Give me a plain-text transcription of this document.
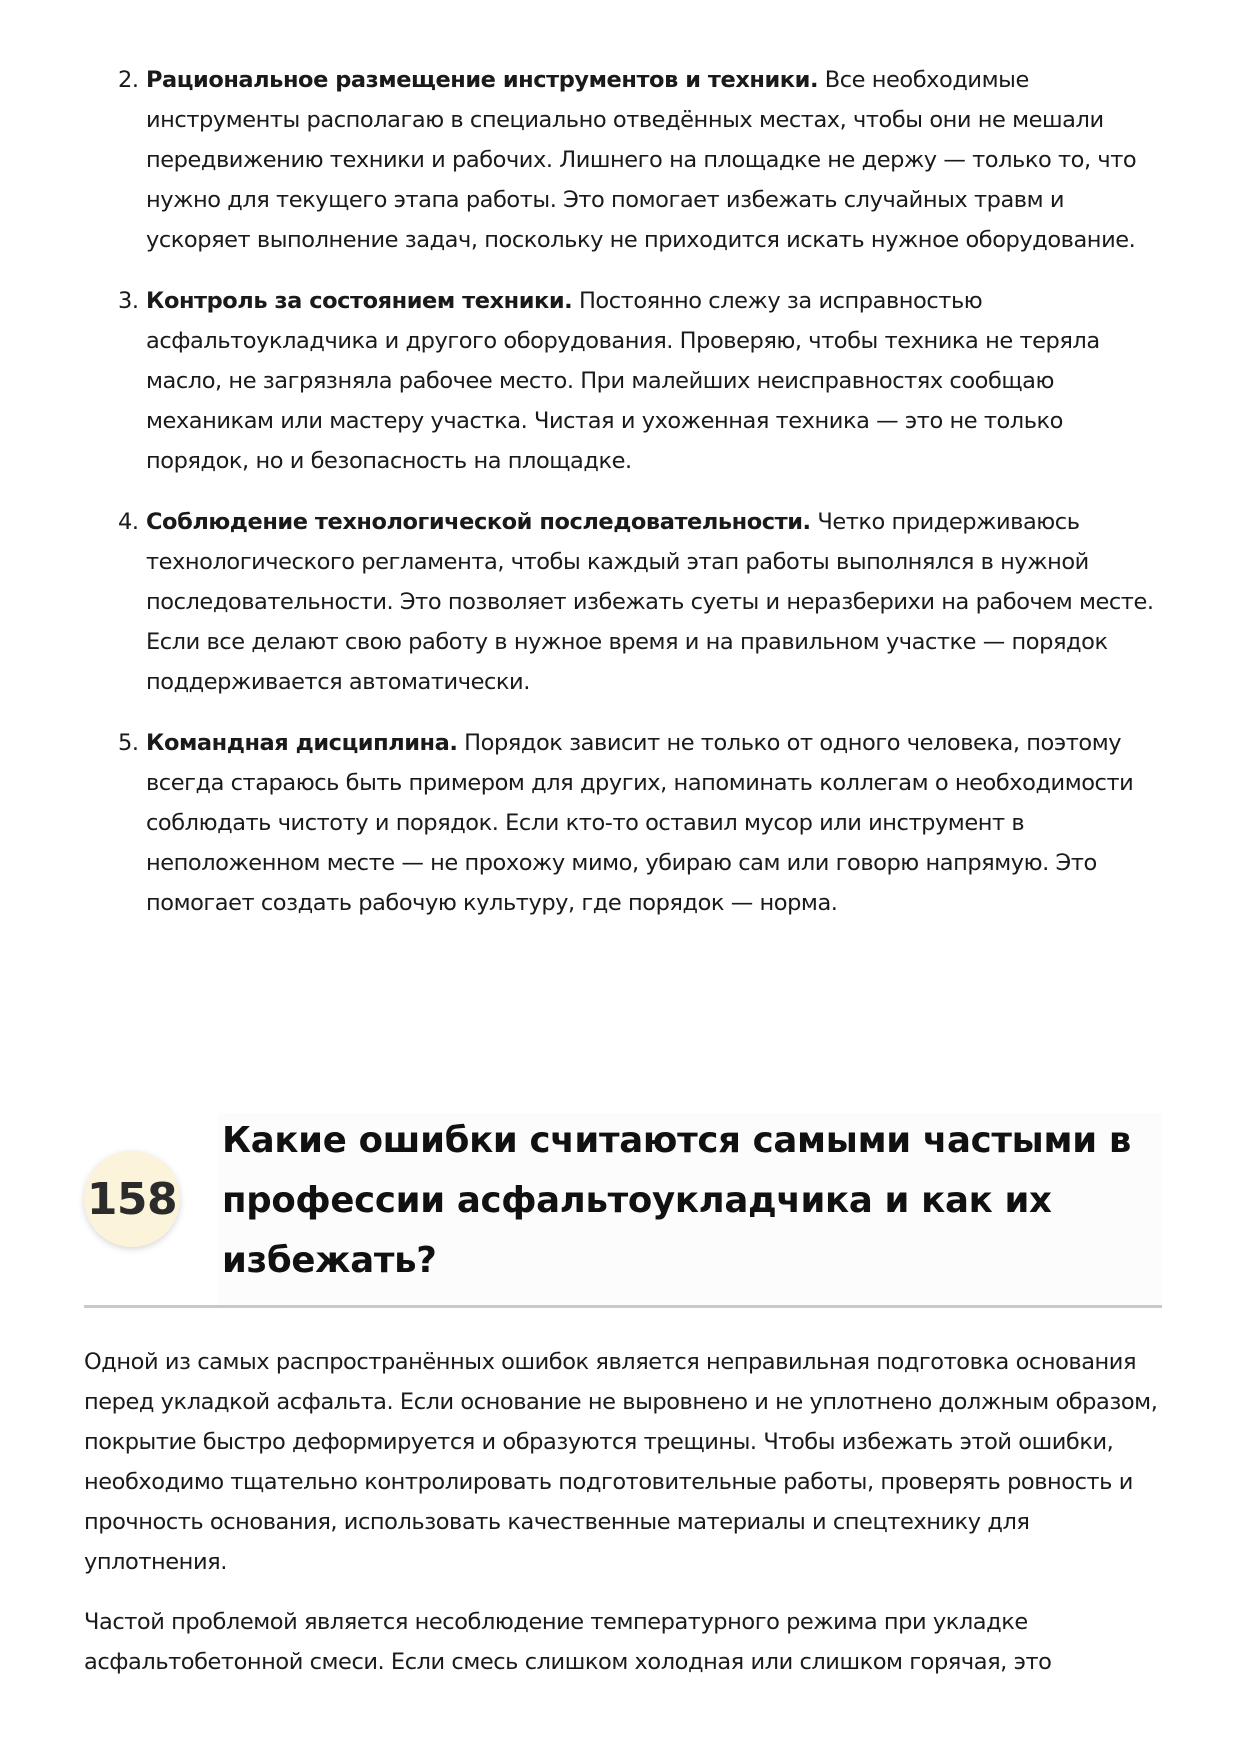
2. Рациональное размещение инструментов и техники. Все необходимые инструменты располагаю в специально отведённых местах, чтобы они не мешали передвижению техники и рабочих. Лишнего на площадке не держу — только то, что нужно для текущего этапа работы. Это помогает избежать случайных травм и ускоряет выполнение задач, поскольку не приходится искать нужное оборудование.
3. Контроль за состоянием техники. Постоянно слежу за исправностью асфальтоукладчика и другого оборудования. Проверяю, чтобы техника не теряла масло, не загрязняла рабочее место. При малейших неисправностях сообщаю механикам или мастеру участка. Чистая и ухоженная техника — это не только порядок, но и безопасность на площадке.
4. Соблюдение технологической последовательности. Четко придерживаюсь технологического регламента, чтобы каждый этап работы выполнялся в нужной последовательности. Это позволяет избежать суеты и неразберихи на рабочем месте. Если все делают свою работу в нужное время и на правильном участке — порядок поддерживается автоматически.
5. Командная дисциплина. Порядок зависит не только от одного человека, поэтому всегда стараюсь быть примером для других, напоминать коллегам о необходимости соблюдать чистоту и порядок. Если кто-то оставил мусор или инструмент в неположенном месте — не прохожу мимо, убираю сам или говорю напрямую. Это помогает создать рабочую культуру, где порядок — норма.
158
Какие ошибки считаются самыми частыми в профессии асфальтоукладчика и как их избежать?

Одной из самых распространённых ошибок является неправильная подготовка основания перед укладкой асфальта. Если основание не выровнено и не уплотнено должным образом, покрытие быстро деформируется и образуются трещины. Чтобы избежать этой ошибки, необходимо тщательно контролировать подготовительные работы, проверять ровность и прочность основания, использовать качественные материалы и спецтехнику для уплотнения.

Частой проблемой является несоблюдение температурного режима при укладке асфальтобетонной смеси. Если смесь слишком холодная или слишком горячая, это
